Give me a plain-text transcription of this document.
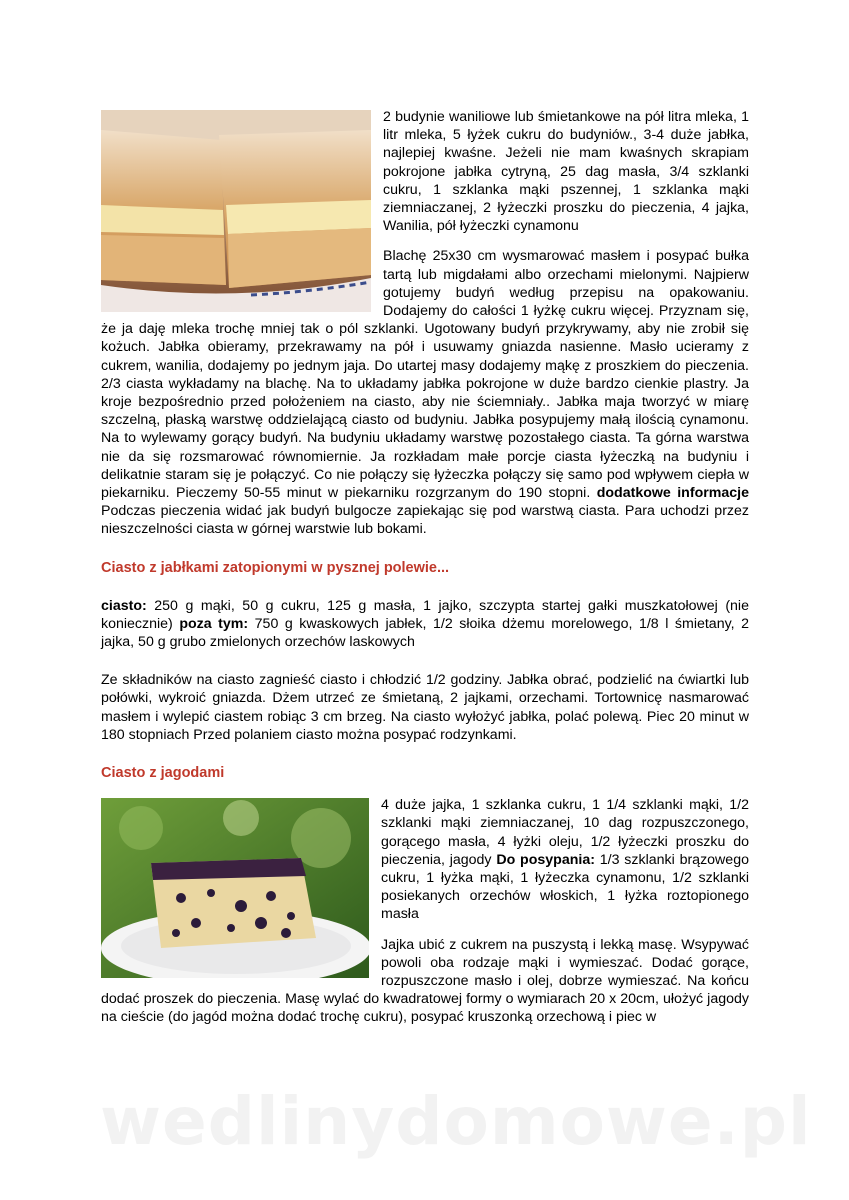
2 budynie waniliowe lub śmietankowe na pół litra mleka, 1 litr mleka, 5 łyżek cukru do budyniów., 3-4 duże jabłka, najlepiej kwaśne. Jeżeli nie mam kwaśnych skrapiam pokrojone jabłka cytryną, 25 dag masła, 3/4 szklanki cukru, 1 szklanka mąki pszennej, 1 szklanka mąki ziemniaczanej, 2 łyżeczki proszku do pieczenia, 4 jajka, Wanilia, pół łyżeczki cynamonu

Blachę 25x30 cm wysmarować masłem i posypać bułka tartą lub migdałami albo orzechami mielonymi. Najpierw gotujemy budyń według przepisu na opakowaniu. Dodajemy do całości 1 łyżkę cukru więcej. Przyznam się, że ja daję mleka trochę mniej tak o pól szklanki. Ugotowany budyń przykrywamy, aby nie zrobił się kożuch. Jabłka obieramy, przekrawamy na pół i usuwamy gniazda nasienne. Masło ucieramy z cukrem, wanilia, dodajemy po jednym jaja. Do utartej masy dodajemy mąkę z proszkiem do pieczenia. 2/3 ciasta wykładamy na blachę. Na to układamy jabłka pokrojone w duże bardzo cienkie plastry. Ja kroje bezpośrednio przed położeniem na ciasto, aby nie ściemniały.. Jabłka maja tworzyć w miarę szczelną, płaską warstwę oddzielającą ciasto od budyniu. Jabłka posypujemy małą ilością cynamonu. Na to wylewamy gorący budyń. Na budyniu układamy warstwę pozostałego ciasta. Ta górna warstwa nie da się rozsmarować równomiernie. Ja rozkładam małe porcje ciasta łyżeczką na budyniu i delikatnie staram się je połączyć. Co nie połączy się łyżeczka połączy się samo pod wpływem ciepła w piekarniku. Pieczemy 50-55 minut w piekarniku rozgrzanym do 190 stopni. dodatkowe informacje Podczas pieczenia widać jak budyń bulgocze zapiekając się pod warstwą ciasta. Para uchodzi przez nieszczelności ciasta w górnej warstwie lub bokami.

Ciasto z jabłkami zatopionymi w pysznej polewie...

ciasto: 250 g mąki, 50 g cukru, 125 g masła, 1 jajko, szczypta startej gałki muszkatołowej (nie koniecznie) poza tym: 750 g kwaskowych jabłek, 1/2 słoika dżemu morelowego, 1/8 l śmietany, 2 jajka, 50 g grubo zmielonych orzechów laskowych

Ze składników na ciasto zagnieść ciasto i chłodzić 1/2 godziny. Jabłka obrać, podzielić na ćwiartki lub połówki, wykroić gniazda. Dżem utrzeć ze śmietaną, 2 jajkami, orzechami. Tortownicę nasmarować masłem i wylepić ciastem robiąc 3 cm brzeg. Na ciasto wyłożyć jabłka, polać polewą. Piec 20 minut w 180 stopniach Przed polaniem ciasto można posypać rodzynkami.

Ciasto z jagodami

4 duże jajka, 1 szklanka cukru, 1 1/4 szklanki mąki, 1/2 szklanki mąki ziemniaczanej, 10 dag rozpuszczonego, gorącego masła, 4 łyżki oleju, 1/2 łyżeczki proszku do pieczenia, jagody Do posypania: 1/3 szklanki brązowego cukru, 1 łyżka mąki, 1 łyżeczka cynamonu, 1/2 szklanki posiekanych orzechów włoskich, 1 łyżka roztopionego masła

Jajka ubić z cukrem na puszystą i lekką masę. Wsypywać powoli oba rodzaje mąki i wymieszać. Dodać gorące, rozpuszczone masło i olej, dobrze wymieszać. Na końcu dodać proszek do pieczenia. Masę wylać do kwadratowej formy o wymiarach 20 x 20cm, ułożyć jagody na cieście (do jagód można dodać trochę cukru), posypać kruszonką orzechową i piec w

wedlinydomowe.pl
